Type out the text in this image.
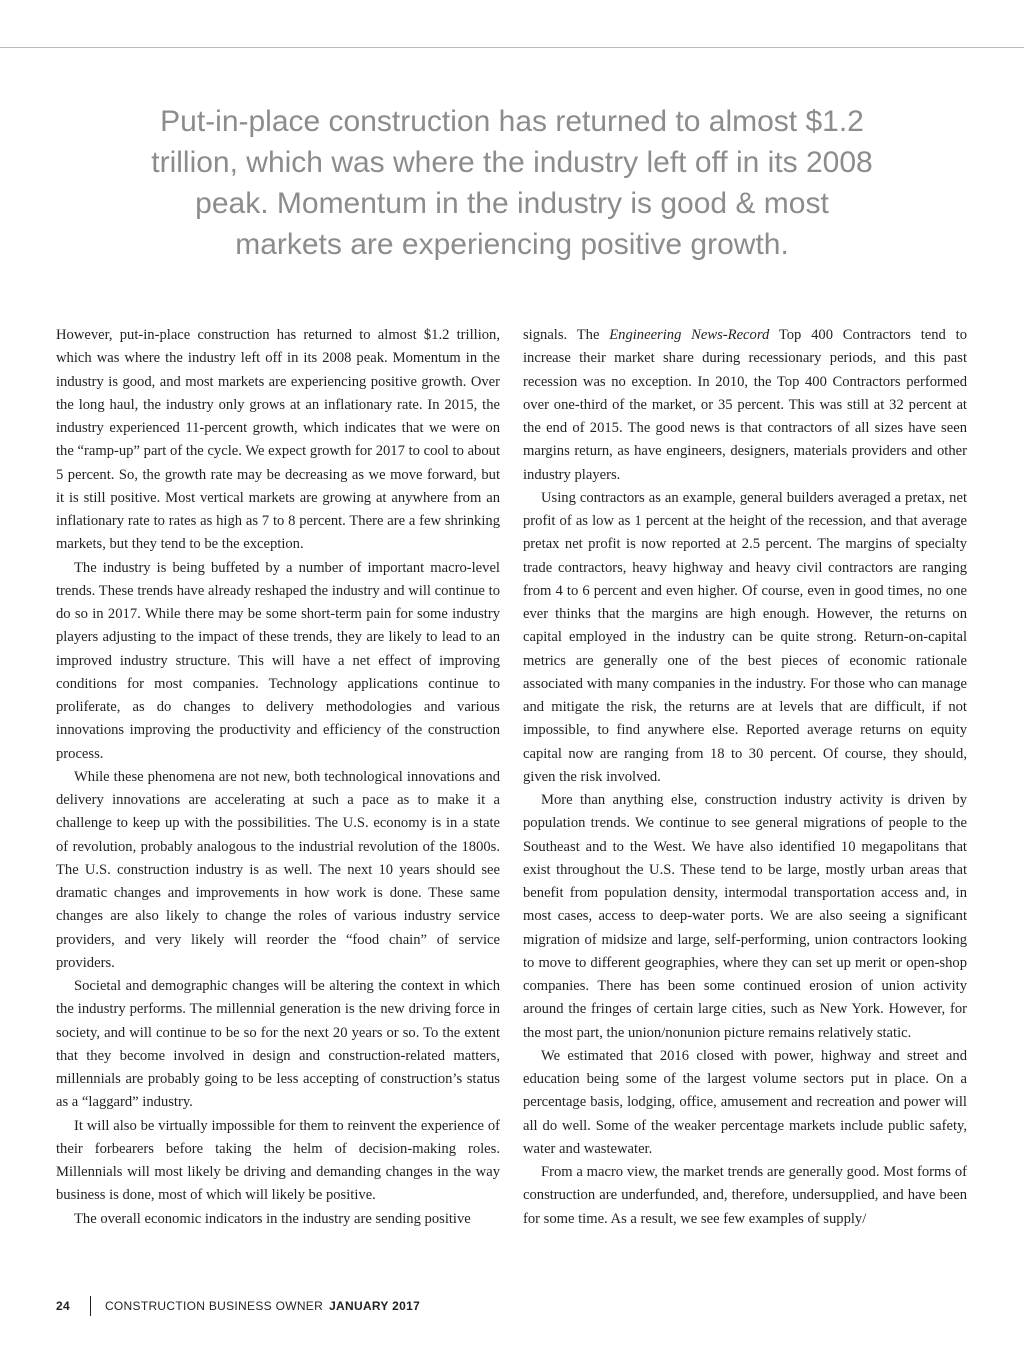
Put-in-place construction has returned to almost $1.2 trillion, which was where the industry left off in its 2008 peak. Momentum in the industry is good & most markets are experiencing positive growth.

However, put-in-place construction has returned to almost $1.2 trillion, which was where the industry left off in its 2008 peak. Momentum in the industry is good, and most markets are experiencing positive growth. Over the long haul, the industry only grows at an inflationary rate. In 2015, the industry experienced 11-percent growth, which indicates that we were on the “ramp-up” part of the cycle. We expect growth for 2017 to cool to about 5 percent. So, the growth rate may be decreasing as we move forward, but it is still positive. Most vertical markets are growing at anywhere from an inflationary rate to rates as high as 7 to 8 percent. There are a few shrinking markets, but they tend to be the exception.

The industry is being buffeted by a number of important macro-level trends. These trends have already reshaped the industry and will continue to do so in 2017. While there may be some short-term pain for some industry players adjusting to the impact of these trends, they are likely to lead to an improved industry structure. This will have a net effect of improving conditions for most companies. Technology applications continue to proliferate, as do changes to delivery methodologies and various innovations improving the productivity and efficiency of the construction process.

While these phenomena are not new, both technological innovations and delivery innovations are accelerating at such a pace as to make it a challenge to keep up with the possibilities. The U.S. economy is in a state of revolution, probably analogous to the industrial revolution of the 1800s. The U.S. construction industry is as well. The next 10 years should see dramatic changes and improvements in how work is done. These same changes are also likely to change the roles of various industry service providers, and very likely will reorder the “food chain” of service providers.

Societal and demographic changes will be altering the context in which the industry performs. The millennial generation is the new driving force in society, and will continue to be so for the next 20 years or so. To the extent that they become involved in design and construction-related matters, millennials are probably going to be less accepting of construction’s status as a “laggard” industry.

It will also be virtually impossible for them to reinvent the experience of their forbearers before taking the helm of decision-making roles. Millennials will most likely be driving and demanding changes in the way business is done, most of which will likely be positive.

The overall economic indicators in the industry are sending positive

signals. The Engineering News-Record Top 400 Contractors tend to increase their market share during recessionary periods, and this past recession was no exception. In 2010, the Top 400 Contractors performed over one-third of the market, or 35 percent. This was still at 32 percent at the end of 2015. The good news is that contractors of all sizes have seen margins return, as have engineers, designers, materials providers and other industry players.

Using contractors as an example, general builders averaged a pretax, net profit of as low as 1 percent at the height of the recession, and that average pretax net profit is now reported at 2.5 percent. The margins of specialty trade contractors, heavy highway and heavy civil contractors are ranging from 4 to 6 percent and even higher. Of course, even in good times, no one ever thinks that the margins are high enough. However, the returns on capital employed in the industry can be quite strong. Return-on-capital metrics are generally one of the best pieces of economic rationale associated with many companies in the industry. For those who can manage and mitigate the risk, the returns are at levels that are difficult, if not impossible, to find anywhere else. Reported average returns on equity capital now are ranging from 18 to 30 percent. Of course, they should, given the risk involved.

More than anything else, construction industry activity is driven by population trends. We continue to see general migrations of people to the Southeast and to the West. We have also identified 10 megapolitans that exist throughout the U.S. These tend to be large, mostly urban areas that benefit from population density, intermodal transportation access and, in most cases, access to deep-water ports. We are also seeing a significant migration of midsize and large, self-performing, union contractors looking to move to different geographies, where they can set up merit or open-shop companies. There has been some continued erosion of union activity around the fringes of certain large cities, such as New York. However, for the most part, the union/nonunion picture remains relatively static.

We estimated that 2016 closed with power, highway and street and education being some of the largest volume sectors put in place. On a percentage basis, lodging, office, amusement and recreation and power will all do well. Some of the weaker percentage markets include public safety, water and wastewater.

From a macro view, the market trends are generally good. Most forms of construction are underfunded, and, therefore, undersupplied, and have been for some time. As a result, we see few examples of supply/

24	CONSTRUCTION BUSINESS OWNER JANUARY 2017
